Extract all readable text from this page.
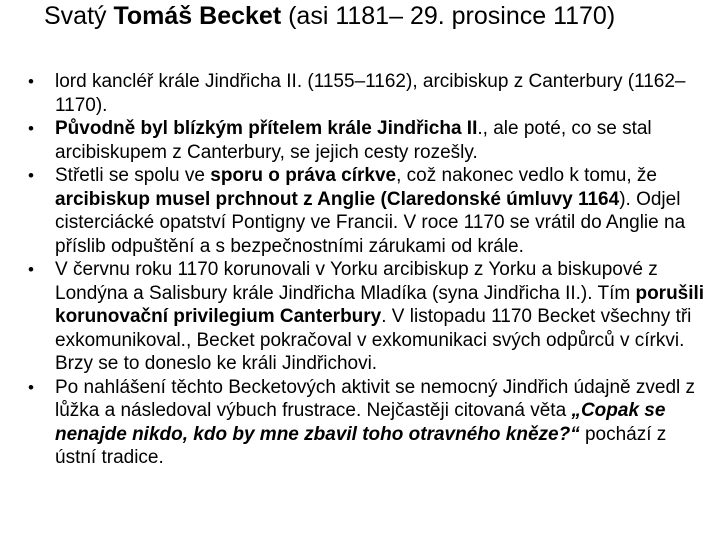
Svatý Tomáš Becket (asi 1181– 29. prosince 1170)
• lord kancléř krále Jindřicha II. (1155–1162), arcibiskup z Canterbury (1162–1170).
• Původně byl blízkým přítelem krále Jindřicha II., ale poté, co se stal arcibiskupem z Canterbury, se jejich cesty rozešly.
• Střetli se spolu ve sporu o práva církve, což nakonec vedlo k tomu, že arcibiskup musel prchnout z Anglie (Claredonské úmluvy 1164). Odjel cisterciácké opatství Pontigny ve Francii. V roce 1170 se vrátil do Anglie na příslib odpuštění a s bezpečnostními zárukami od krále.
• V červnu roku 1170 korunovali v Yorku arcibiskup z Yorku a biskupové z Londýna a Salisbury krále Jindřicha Mladíka (syna Jindřicha II.). Tím porušili korunovační privilegium Canterbury. V listopadu 1170 Becket všechny tři exkomunikoval., Becket pokračoval v exkomunikaci svých odpůrců v církvi. Brzy se to doneslo ke králi Jindřichovi.
• Po nahlášení těchto Becketových aktivit se nemocný Jindřich údajně zvedl z lůžka a následoval výbuch frustrace. Nejčastěji citovaná věta „Copak se nenajde nikdo, kdo by mne zbavil toho otravného kněze?“ pochází z ústní tradice.
